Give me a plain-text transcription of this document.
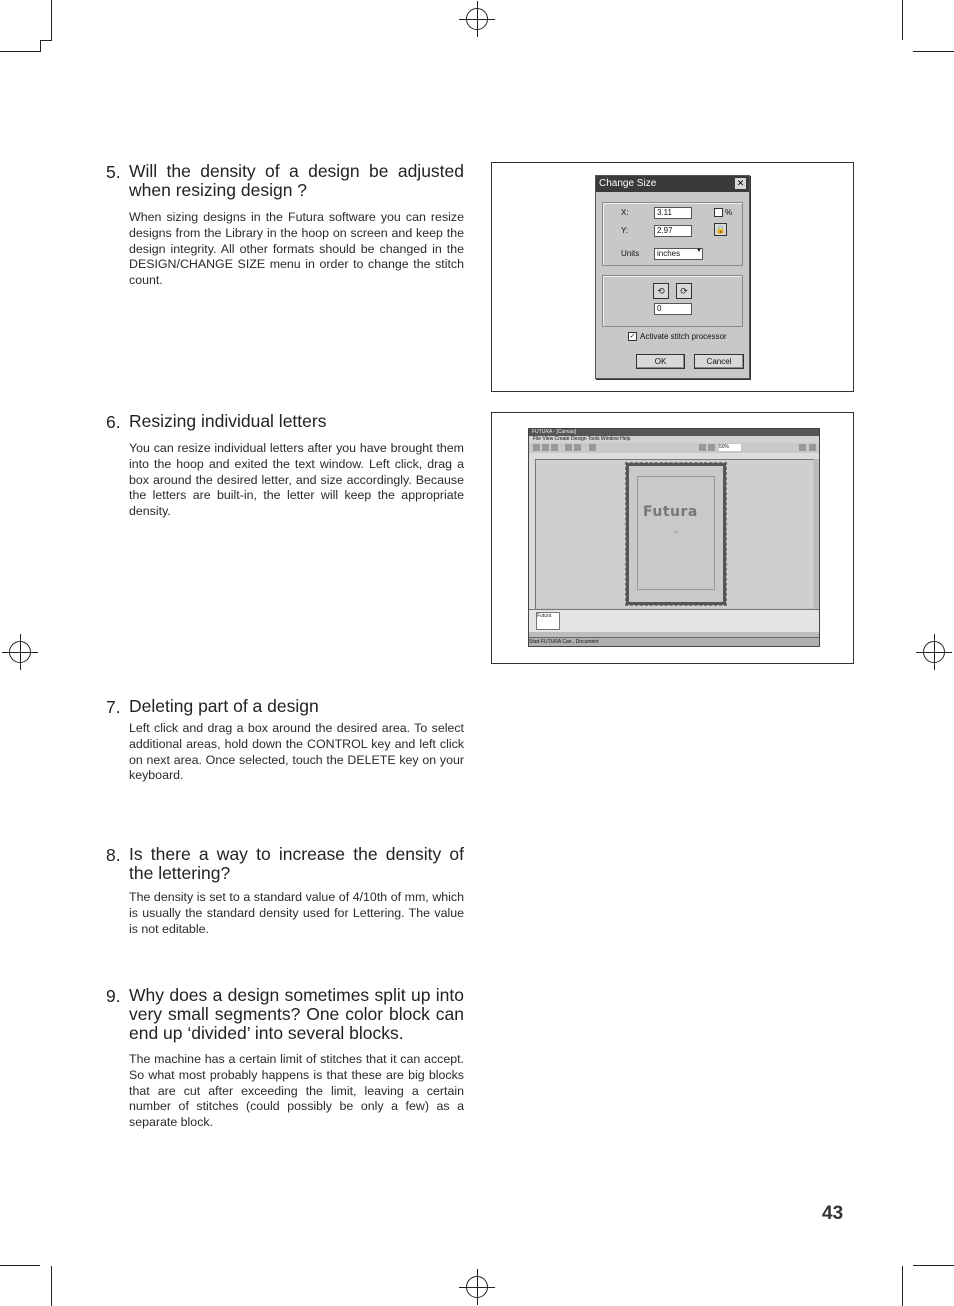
5. Will the density of a design be adjusted when resizing design ?
When sizing designs in the Futura software you can resize designs from the Library in the hoop on screen and keep the design integrity. All other formats should be changed in the DESIGN/CHANGE SIZE menu in order to change the stitch count.
6. Resizing individual letters
You can resize individual letters after you have brought them into the hoop and exited the text window. Left click, drag a box around the desired letter, and size accordingly. Because the letters are built-in, the letter will keep the appropriate density.
7. Deleting part of a design
Left click and drag a box around the desired area. To select additional areas, hold down the CONTROL key and left click on next area. Once selected, touch the DELETE key on your keyboard.
8. Is there a way to increase the density of the lettering?
The density is set to a standard value of 4/10th of mm, which is usually the standard density used for Lettering. The value is not editable.
9. Why does a design sometimes split up into very small segments? One color block can end up ‘divided’ into several blocks.
The machine has a certain limit of stitches that it can accept. So what most probably happens is that these are big blocks that are cut after exceeding the limit, leaving a certain number of stitches (could possibly be only a few) as a separate block.
Change Size	✕
X:	3.11	%
Y:	2.97	🔒
Units	inches	▼
⟲	⟳
0
✓ Activate stitch processor
OK	Cancel
FUTURA - [Canvas]
File View Create Design Tools Window Help
50%
Futura
○
Futura
Start FUTURA Can.. Document
43
